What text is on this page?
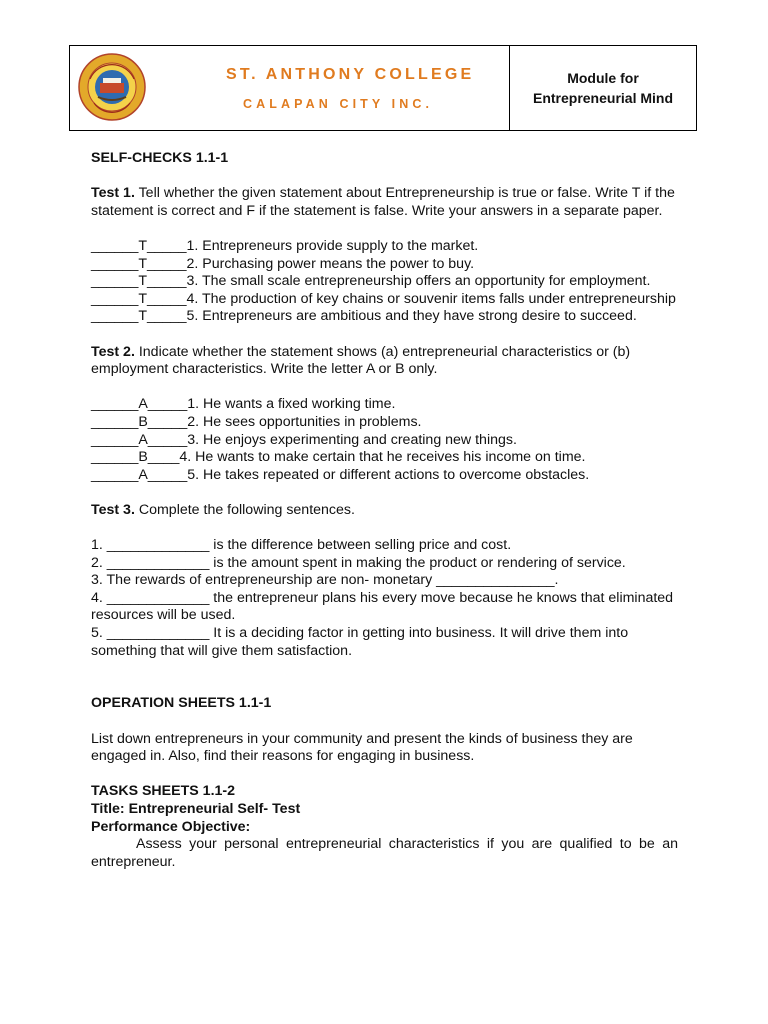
ST. ANTHONY COLLEGE
CALAPAN CITY INC.
Module for
Entrepreneurial Mind

SELF-CHECKS 1.1-1

Test 1. Tell whether the given statement about Entrepreneurship is true or false. Write T if the statement is correct and F if the statement is false. Write your answers in a separate paper.

______T_____1. Entrepreneurs provide supply to the market.

______T_____2. Purchasing power means the power to buy.

______T_____3. The small scale entrepreneurship offers an opportunity for employment. ______T_____4. The production of key chains or souvenir items falls under entrepreneurship

______T_____5. Entrepreneurs are ambitious and they have strong desire to succeed.

Test 2. Indicate whether the statement shows (a) entrepreneurial characteristics or (b) employment characteristics. Write the letter A or B only.

______A_____1. He wants a fixed working time.

______B_____2. He sees opportunities in problems.

______A_____3. He enjoys experimenting and creating new things.

______B____4. He wants to make certain that he receives his income on time.

______A_____5. He takes repeated or different actions to overcome obstacles.

Test 3. Complete the following sentences.

1. _____________ is the difference between selling price and cost.

2. _____________ is the amount spent in making the product or rendering of service.

3. The rewards of entrepreneurship are non- monetary _______________.

4. _____________ the entrepreneur plans his every move because he knows that eliminated resources will be used.

5. _____________ It is a deciding factor in getting into business. It will drive them into something that will give them satisfaction.

OPERATION SHEETS 1.1-1

List down entrepreneurs in your community and present the kinds of business they are engaged in. Also, find their reasons for engaging in business.

TASKS SHEETS 1.1-2

Title: Entrepreneurial Self- Test

Performance Objective:

Assess your personal entrepreneurial characteristics if you are qualified to be an entrepreneur.
